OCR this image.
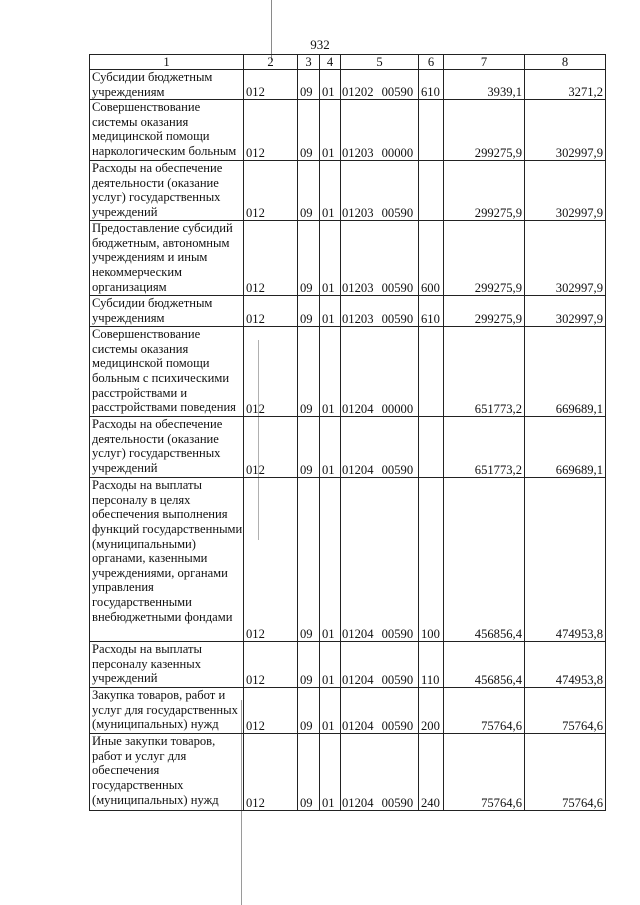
932
1	2	3	4	5	6	7	8
Субсидии бюджетным учреждениям	012	09	01	01202 00590	610	3939,1	3271,2
Совершенствование системы оказания медицинской помощи наркологическим больным	012	09	01	01203 00000		299275,9	302997,9
Расходы на обеспечение деятельности (оказание услуг) государственных учреждений	012	09	01	01203 00590		299275,9	302997,9
Предоставление субсидий бюджетным, автономным учреждениям и иным некоммерческим организациям	012	09	01	01203 00590	600	299275,9	302997,9
Субсидии бюджетным учреждениям	012	09	01	01203 00590	610	299275,9	302997,9
Совершенствование системы оказания медицинской помощи больным с психическими расстройствами и расстройствами поведения	012	09	01	01204 00000		651773,2	669689,1
Расходы на обеспечение деятельности (оказание услуг) государственных учреждений	012	09	01	01204 00590		651773,2	669689,1
Расходы на выплаты персоналу в целях обеспечения выполнения функций государственными (муниципальными) органами, казенными учреждениями, органами управления государственными внебюджетными фондами	012	09	01	01204 00590	100	456856,4	474953,8
Расходы на выплаты персоналу казенных учреждений	012	09	01	01204 00590	110	456856,4	474953,8
Закупка товаров, работ и услуг для государственных (муниципальных) нужд	012	09	01	01204 00590	200	75764,6	75764,6
Иные закупки товаров, работ и услуг для обеспечения государственных (муниципальных) нужд	012	09	01	01204 00590	240	75764,6	75764,6
